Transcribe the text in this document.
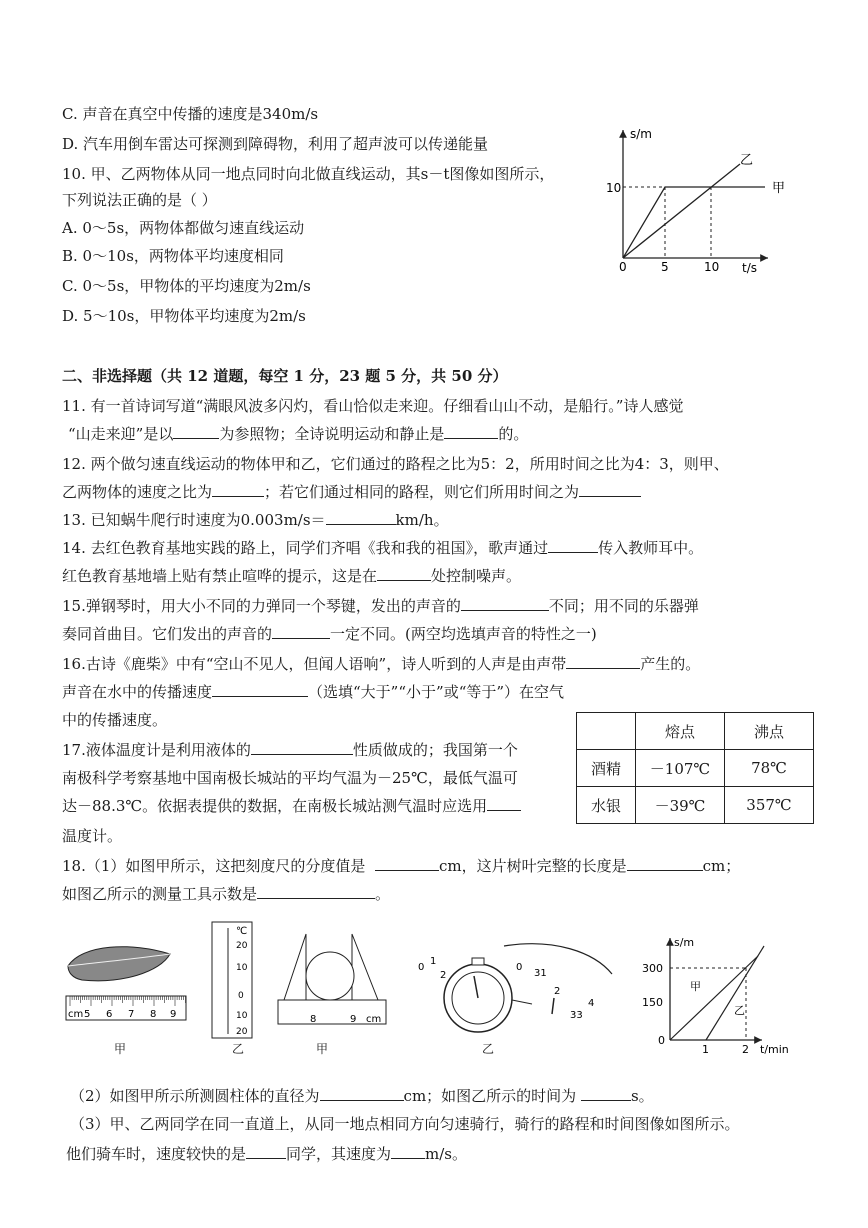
C. 声音在真空中传播的速度是340m/s
D. 汽车用倒车雷达可探测到障碍物，利用了超声波可以传递能量
10. 甲、乙两物体从同一地点同时向北做直线运动，其s－t图像如图所示，
下列说法正确的是（ ）
A. 0～5s，两物体都做匀速直线运动
B. 0～10s，两物体平均速度相同
C. 0～5s，甲物体的平均速度为2m/s
D. 5～10s，甲物体平均速度为2m/s
s/m
t/s
0	5	10
10	甲
乙
二、非选择题（共 12 道题，每空 1 分，23 题 5 分，共 50 分）
11. 有一首诗词写道“满眼风波多闪灼，看山恰似走来迎。仔细看山山不动，是船行。”诗人感觉
“山走来迎”是以	为参照物；全诗说明运动和静止是	的。
12. 两个做匀速直线运动的物体甲和乙，它们通过的路程之比为5：2，所用时间之比为4：3，则甲、
乙两物体的速度之比为	；若它们通过相同的路程，则它们所用时间之为
13. 已知蜗牛爬行时速度为0.003m/s＝	km/h。
14. 去红色教育基地实践的路上，同学们齐唱《我和我的祖国》，歌声通过	传入教师耳中。
红色教育基地墙上贴有禁止喧哗的提示，这是在	处控制噪声。
15.弹钢琴时，用大小不同的力弹同一个琴键，发出的声音的	不同；用不同的乐器弹
奏同首曲目。它们发出的声音的	一定不同。(两空均选填声音的特性之一)
16.古诗《鹿柴》中有“空山不见人，但闻人语响”，诗人听到的人声是由声带	产生的。
声音在水中的传播速度	（选填“大于”“小于”或“等于”）在空气
中的传播速度。
17.液体温度计是利用液体的	性质做成的；我国第一个
南极科学考察基地中国南极长城站的平均气温为－25℃，最低气温可
达－88.3℃。依据表提供的数据，在南极长城站测气温时应选用
温度计。
	熔点	沸点
酒精	－107℃	78℃
水银	－39℃	357℃
18.（1）如图甲所示，这把刻度尺的分度值是	cm，这片树叶完整的长度是	cm；
如图乙所示的测量工具示数是	。
cm 5 6 7 8 9
甲
℃
20
10
0
10
20
乙
8	9 cm
甲
0
1
2
0
31
2
33
4
乙
s/m
t/min
300
150
0
1	2
甲
乙
（2）如图甲所示所测圆柱体的直径为	cm；如图乙所示的时间为	s。
（3）甲、乙两同学在同一直道上，从同一地点相同方向匀速骑行，骑行的路程和时间图像如图所示。
他们骑车时，速度较快的是	同学，其速度为 m/s。
